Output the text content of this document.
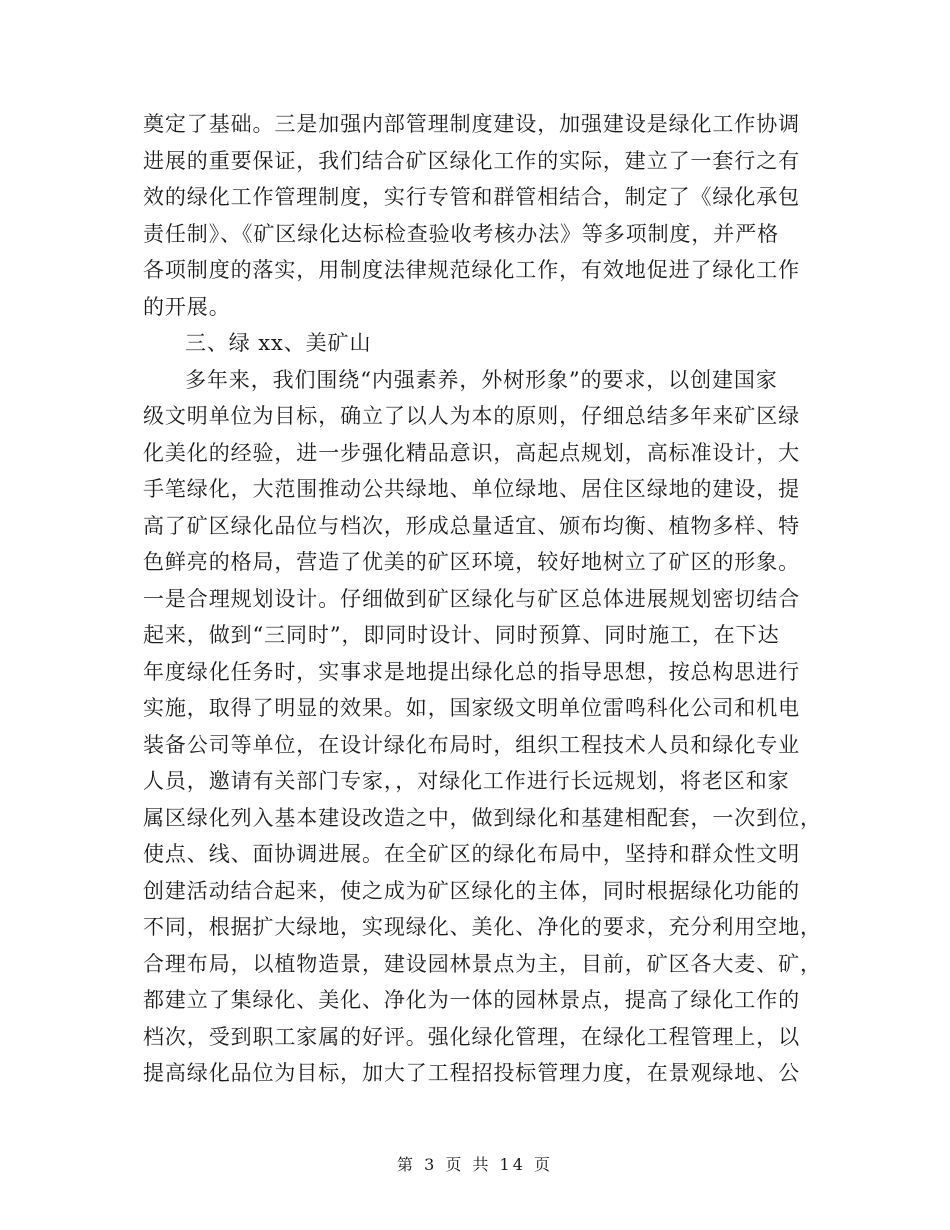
奠定了基础。三是加强内部管理制度建设，加强建设是绿化工作协调
进展的重要保证，我们结合矿区绿化工作的实际，建立了一套行之有
效的绿化工作管理制度，实行专管和群管相结合，制定了《绿化承包
责任制》、《矿区绿化达标检查验收考核办法》等多项制度，并严格
各项制度的落实，用制度法律规范绿化工作，有效地促进了绿化工作
的开展。
三、绿 xx、美矿山
多年来，我们围绕“内强素养，外树形象”的要求，以创建国家
级文明单位为目标，确立了以人为本的原则，仔细总结多年来矿区绿
化美化的经验，进一步强化精品意识，高起点规划，高标准设计，大
手笔绿化，大范围推动公共绿地、单位绿地、居住区绿地的建设，提
高了矿区绿化品位与档次，形成总量适宜、颁布均衡、植物多样、特
色鲜亮的格局，营造了优美的矿区环境，较好地树立了矿区的形象。
一是合理规划设计。仔细做到矿区绿化与矿区总体进展规划密切结合
起来，做到“三同时”，即同时设计、同时预算、同时施工，在下达
年度绿化任务时，实事求是地提出绿化总的指导思想，按总构思进行
实施，取得了明显的效果。如，国家级文明单位雷鸣科化公司和机电
装备公司等单位，在设计绿化布局时，组织工程技术人员和绿化专业
人员，邀请有关部门专家，，对绿化工作进行长远规划，将老区和家
属区绿化列入基本建设改造之中，做到绿化和基建相配套，一次到位，
使点、线、面协调进展。在全矿区的绿化布局中，坚持和群众性文明
创建活动结合起来，使之成为矿区绿化的主体，同时根据绿化功能的
不同，根据扩大绿地，实现绿化、美化、净化的要求，充分利用空地，
合理布局，以植物造景，建设园林景点为主，目前，矿区各大麦、矿，
都建立了集绿化、美化、净化为一体的园林景点，提高了绿化工作的
档次，受到职工家属的好评。强化绿化管理，在绿化工程管理上，以
提高绿化品位为目标，加大了工程招投标管理力度，在景观绿地、公
第 3 页 共 14 页
